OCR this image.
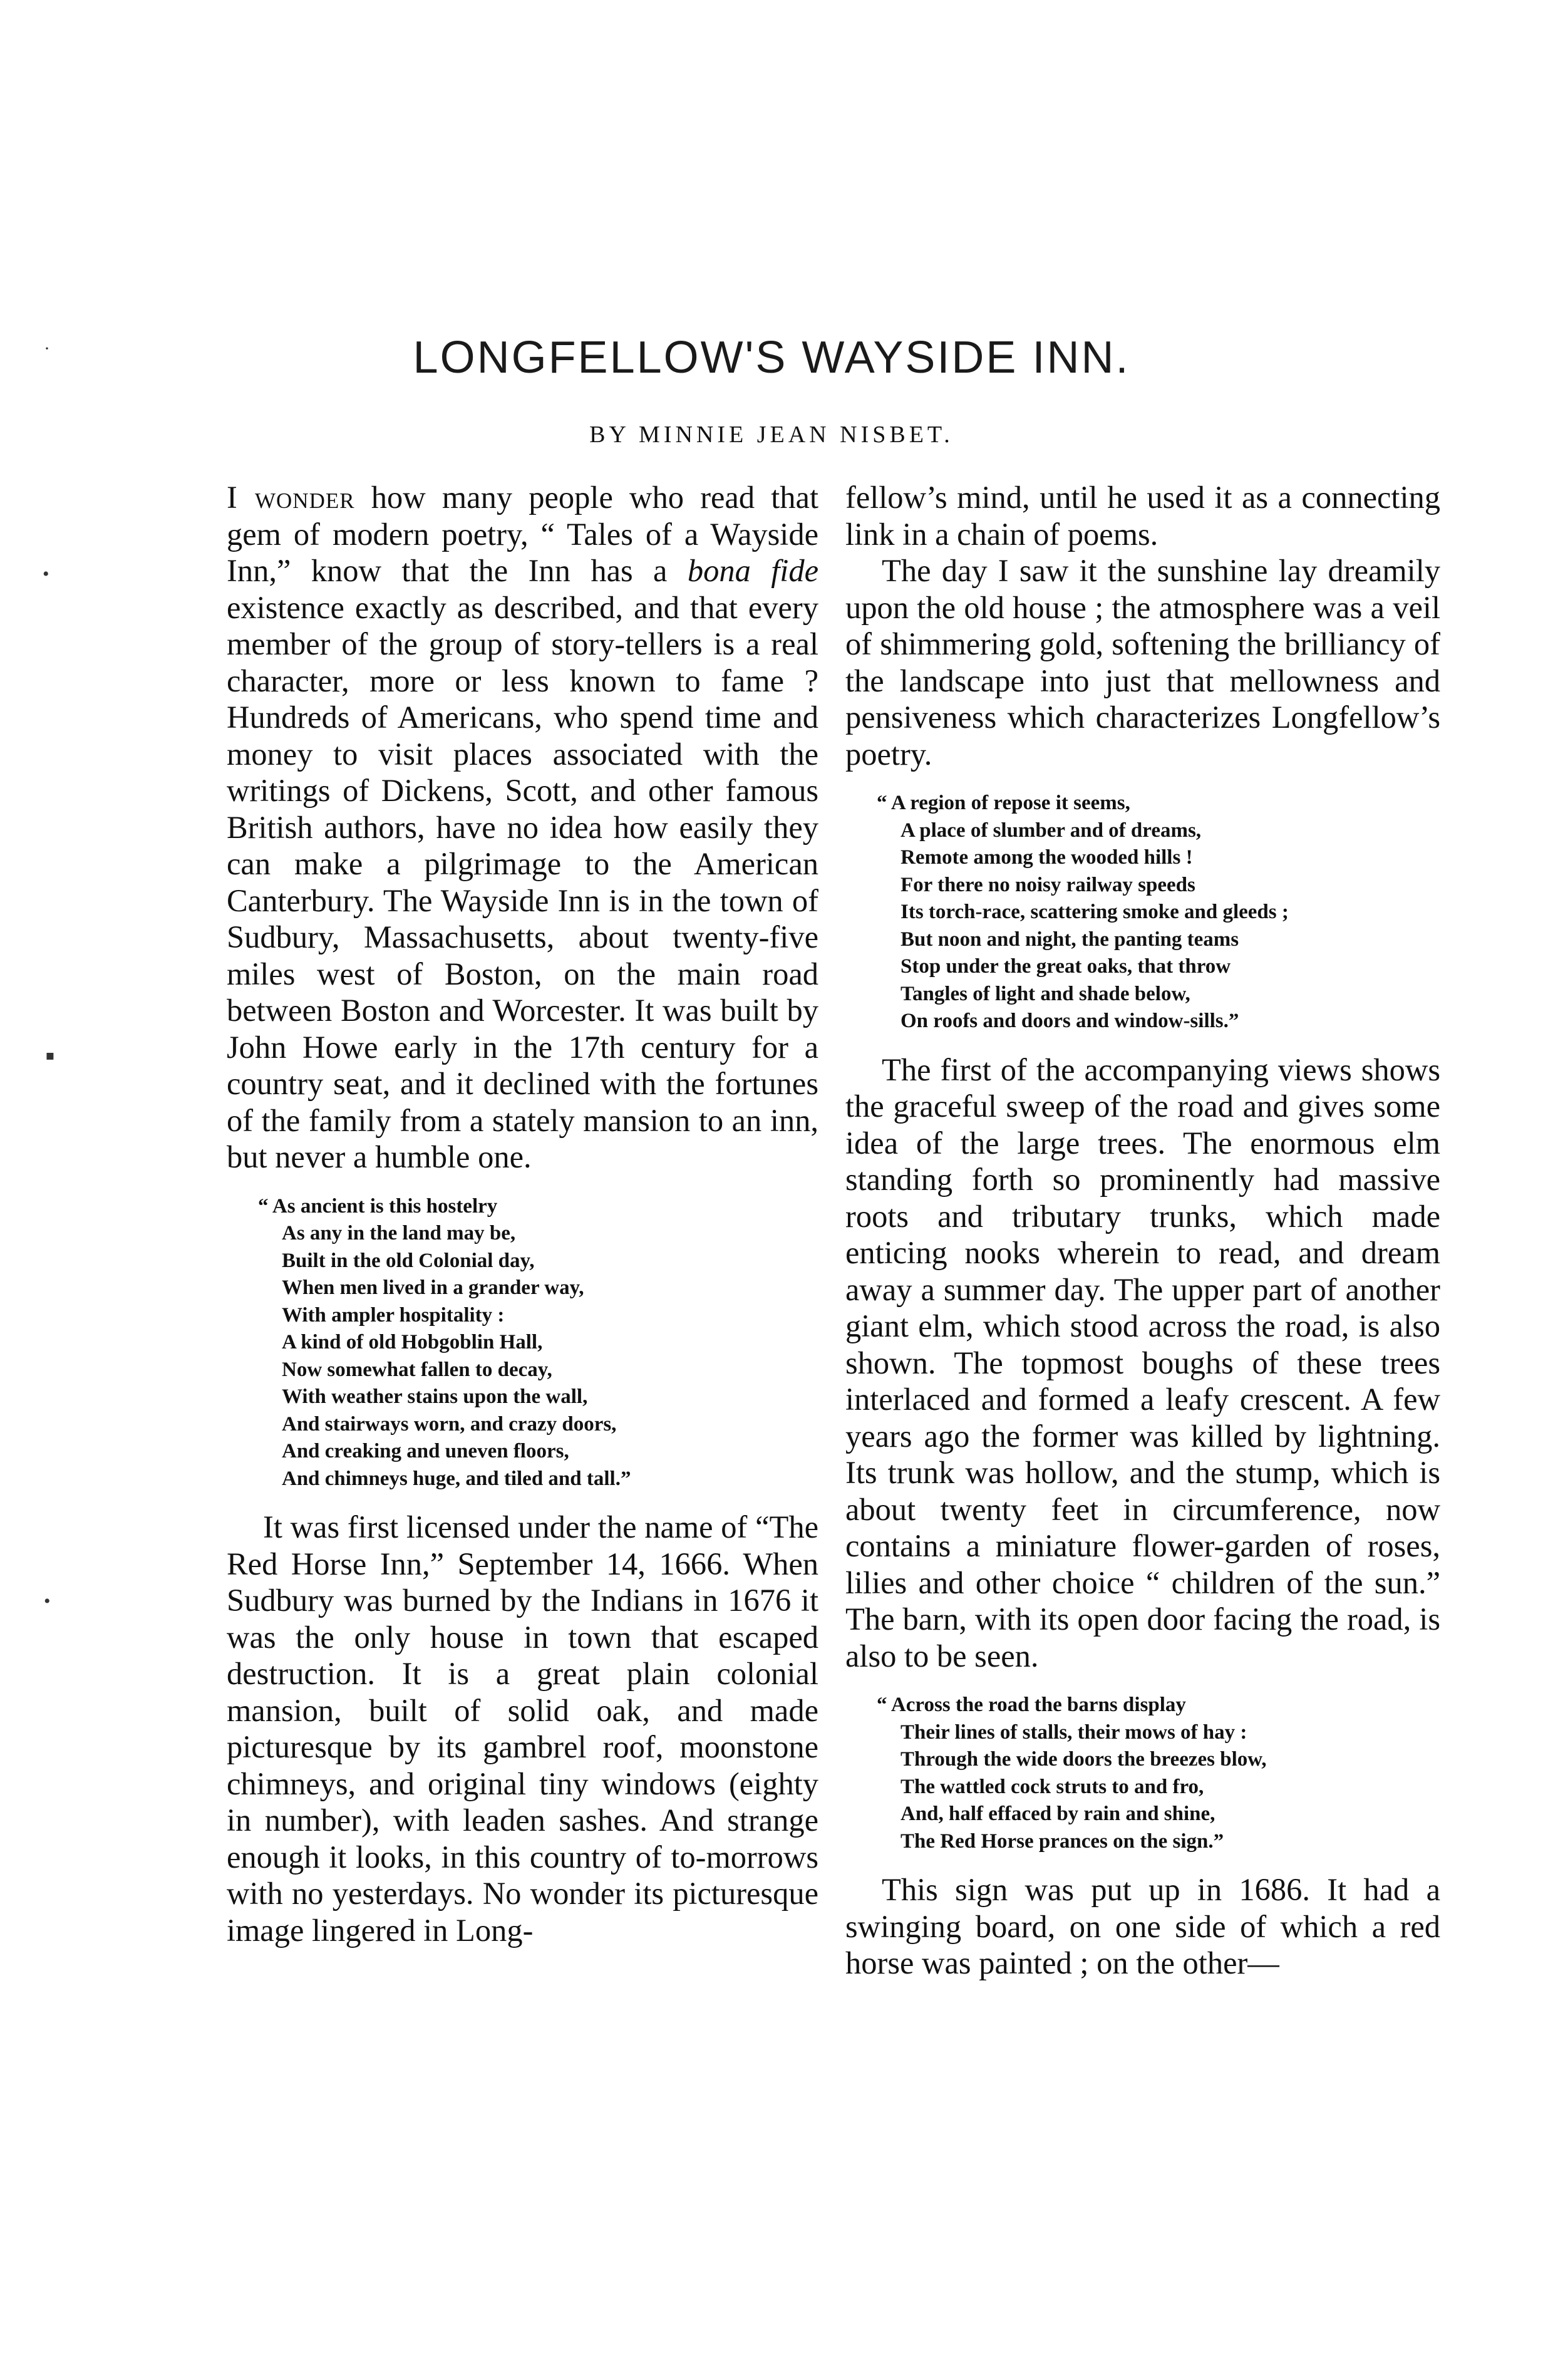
LONGFELLOW'S WAYSIDE INN.
BY MINNIE JEAN NISBET.

I wonder how many people who read that gem of modern poetry, “ Tales of a Wayside Inn,” know that the Inn has a bona fide existence exactly as described, and that every member of the group of story-tellers is a real character, more or less known to fame ? Hundreds of Americans, who spend time and money to visit places associated with the writings of Dickens, Scott, and other famous British authors, have no idea how easily they can make a pilgrimage to the American Canterbury. The Wayside Inn is in the town of Sudbury, Massachusetts, about twenty-five miles west of Boston, on the main road between Boston and Worcester. It was built by John Howe early in the 17th century for a country seat, and it declined with the fortunes of the family from a stately mansion to an inn, but never a humble one.

“ As ancient is this hostelry
As any in the land may be,
Built in the old Colonial day,
When men lived in a grander way,
With ampler hospitality :
A kind of old Hobgoblin Hall,
Now somewhat fallen to decay,
With weather stains upon the wall,
And stairways worn, and crazy doors,
And creaking and uneven floors,
And chimneys huge, and tiled and tall.”

It was first licensed under the name of “The Red Horse Inn,” September 14, 1666. When Sudbury was burned by the Indians in 1676 it was the only house in town that escaped destruction. It is a great plain colonial mansion, built of solid oak, and made picturesque by its gambrel roof, moonstone chimneys, and original tiny windows (eighty in number), with leaden sashes. And strange enough it looks, in this country of to-morrows with no yesterdays. No wonder its picturesque image lingered in Long-

fellow’s mind, until he used it as a connecting link in a chain of poems.

The day I saw it the sunshine lay dreamily upon the old house ; the atmosphere was a veil of shimmering gold, softening the brilliancy of the landscape into just that mellowness and pensiveness which characterizes Longfellow’s poetry.

“ A region of repose it seems,
A place of slumber and of dreams,
Remote among the wooded hills !
For there no noisy railway speeds
Its torch-race, scattering smoke and gleeds ;
But noon and night, the panting teams
Stop under the great oaks, that throw
Tangles of light and shade below,
On roofs and doors and window-sills.”

The first of the accompanying views shows the graceful sweep of the road and gives some idea of the large trees. The enormous elm standing forth so prominently had massive roots and tributary trunks, which made enticing nooks wherein to read, and dream away a summer day. The upper part of another giant elm, which stood across the road, is also shown. The topmost boughs of these trees interlaced and formed a leafy crescent. A few years ago the former was killed by lightning. Its trunk was hollow, and the stump, which is about twenty feet in circumference, now contains a miniature flower-garden of roses, lilies and other choice “ children of the sun.” The barn, with its open door facing the road, is also to be seen.

“ Across the road the barns display
Their lines of stalls, their mows of hay :
Through the wide doors the breezes blow,
The wattled cock struts to and fro,
And, half effaced by rain and shine,
The Red Horse prances on the sign.”

This sign was put up in 1686. It had a swinging board, on one side of which a red horse was painted ; on the other—

·
•
▪
•
